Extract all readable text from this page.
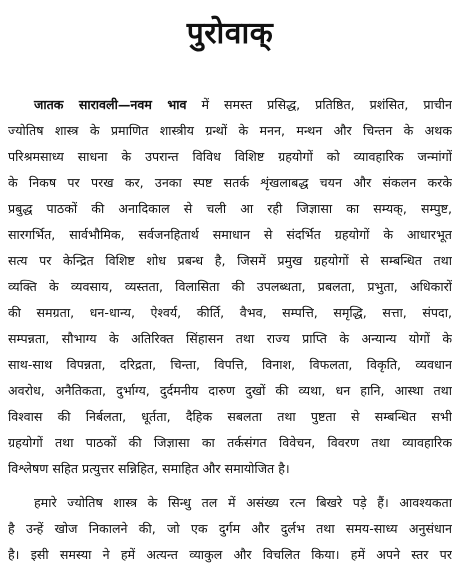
पुरोवाक्
जातक सारावली—नवम भाव में समस्त प्रसिद्ध, प्रतिष्ठित, प्रशंसित, प्राचीन
ज्योतिष शास्त्र के प्रमाणित शास्त्रीय ग्रन्थों के मनन, मन्थन और चिन्तन के अथक
परिश्रमसाध्य साधना के उपरान्त विविध विशिष्ट ग्रहयोगों को व्यावहारिक जन्मांगों
के निकष पर परख कर, उनका स्पष्ट सतर्क शृंखलाबद्ध चयन और संकलन करके
प्रबुद्ध पाठकों की अनादिकाल से चली आ रही जिज्ञासा का सम्यक्, सम्पुष्ट,
सारगर्भित, सार्वभौमिक, सर्वजनहितार्थ समाधान से संदर्भित ग्रहयोगों के आधारभूत
सत्य पर केन्द्रित विशिष्ट शोध प्रबन्ध है, जिसमें प्रमुख ग्रहयोगों से सम्बन्धित तथा
व्यक्ति के व्यवसाय, व्यस्तता, विलासिता की उपलब्धता, प्रबलता, प्रभुता, अधिकारों
की समग्रता, धन-धान्य, ऐश्वर्य, कीर्ति, वैभव, सम्पत्ति, समृद्धि, सत्ता, संपदा,
सम्पन्नता, सौभाग्य के अतिरिक्त सिंहासन तथा राज्य प्राप्ति के अन्यान्य योगों के
साथ-साथ विपन्नता, दरिद्रता, चिन्ता, विपत्ति, विनाश, विफलता, विकृति, व्यवधान
अवरोध, अनैतिकता, दुर्भाग्य, दुर्दमनीय दारुण दुखों की व्यथा, धन हानि, आस्था तथा
विश्वास की निर्बलता, धूर्तता, दैहिक सबलता तथा पुष्टता से सम्बन्धित सभी
ग्रहयोगों तथा पाठकों की जिज्ञासा का तर्कसंगत विवेचन, विवरण तथा व्यावहारिक
विश्लेषण सहित प्रत्युत्तर सन्निहित, समाहित और समायोजित है।
हमारे ज्योतिष शास्त्र के सिन्धु तल में असंख्य रत्न बिखरे पड़े हैं। आवश्यकता
है उन्हें खोज निकालने की, जो एक दुर्गम और दुर्लभ तथा समय-साध्य अनुसंधान
है। इसी समस्या ने हमें अत्यन्त व्याकुल और विचलित किया। हमें अपने स्तर पर
